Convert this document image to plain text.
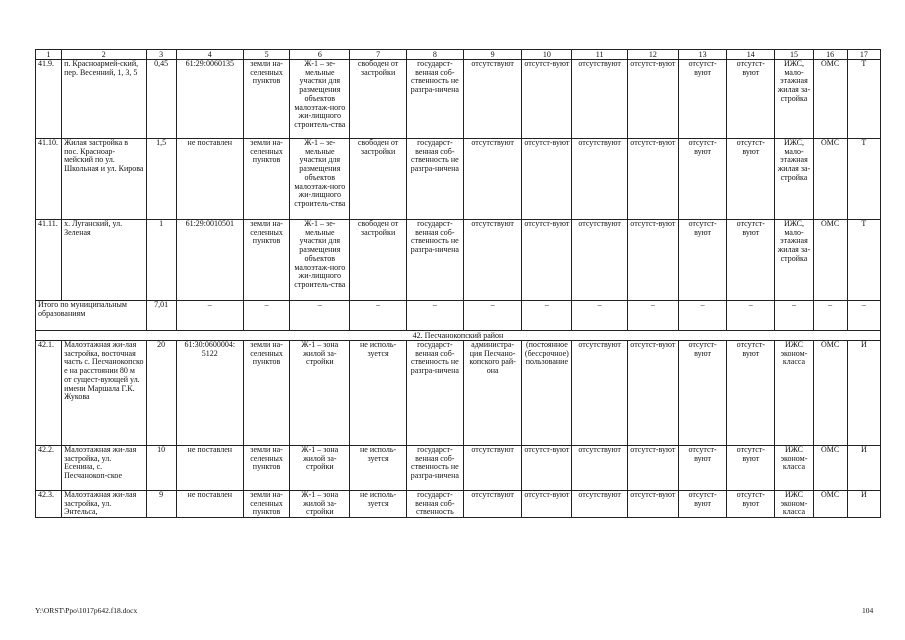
1	2	3	4	5	6	7	8	9	10	11	12	13	14	15	16	17
41.9.	п. Красноармей-ский, пер. Весенний, 1, 3, 5	0,45	61:29:0060135	земли на-селенных пунктов	Ж-1 – зе-мельные участки для размещения объектов малоэтаж-ного жи-лищного строитель-ства	свободен от застройки	государст-венная соб-ственность не разгра-ничена	отсутствуют	отсутст-вуют	отсутствуют	отсутст-вуют	отсутст-вуют	отсутст-вуют	ИЖС, мало-этажная жилая за-стройка	ОМС	Т
41.10.	Жилая застройка в пос. Красноар-мейский по ул. Школьная и ул. Кирова	1,5	не поставлен	земли на-селенных пунктов	Ж-1 – зе-мельные участки для размещения объектов малоэтаж-ного жи-лищного строитель-ства	свободен от застройки	государст-венная соб-ственность не разгра-ничена	отсутствуют	отсутст-вуют	отсутствуют	отсутст-вуют	отсутст-вуют	отсутст-вуют	ИЖС, мало-этажная жилая за-стройка	ОМС	Т
41.11.	х. Луганский, ул. Зеленая	1	61:29:0010501	земли на-селенных пунктов	Ж-1 – зе-мельные участки для размещения объектов малоэтаж-ного жи-лищного строитель-ства	свободен от застройки	государст-венная соб-ственность не разгра-ничена	отсутствуют	отсутст-вуют	отсутствуют	отсутст-вуют	отсутст-вуют	отсутст-вуют	ИЖС, мало-этажная жилая за-стройка	ОМС	Т
Итого по муниципальным образованиям		7,01	–	–	–	–	–	–	–	–	–	–	–	–	–	–
42. Песчанокопский район																
42.1.	Малоэтажная жи-лая застройка, восточная часть с. Песчанокопско е на расстоянии 80 м от сущест-вующей ул. имени Маршала Г.К. Жукова	20	61:30:0600004: 5122	земли на-селенных пунктов	Ж-1 – зона жилой за-стройки	не исполь-зуется	государст-венная соб-ственность не разгра-ничена	администра-ция Песчано-копского рай-она	(постоянное (бессрочное) пользование	отсутствуют	отсутст-вуют	отсутст-вуют	отсутст-вуют	ИЖС эконом-класса	ОМС	И
42.2.	Малоэтажная жи-лая застройка, ул. Есенина, с. Песчанокоп-ское	10	не поставлен	земли на-селенных пунктов	Ж-1 – зона жилой за-стройки	не исполь-зуется	государст-венная соб-ственность не разгра-ничена	отсутствуют	отсутст-вуют	отсутствуют	отсутст-вуют	отсутст-вуют	отсутст-вуют	ИЖС эконом-класса	ОМС	И
42.3.	Малоэтажная жи-лая застройка, ул. Энтельса,	9	не поставлен	земли на-селенных пунктов	Ж-1 – зона жилой за-стройки	не исполь-зуется	государст-венная соб-ственность	отсутствуют	отсутст-вуют	отсутствуют	отсутст-вуют	отсутст-вуют	отсутст-вуют	ИЖС эконом-класса	ОМС	И
Y:\ORST\Ppo\1017p642.f18.docx	104
